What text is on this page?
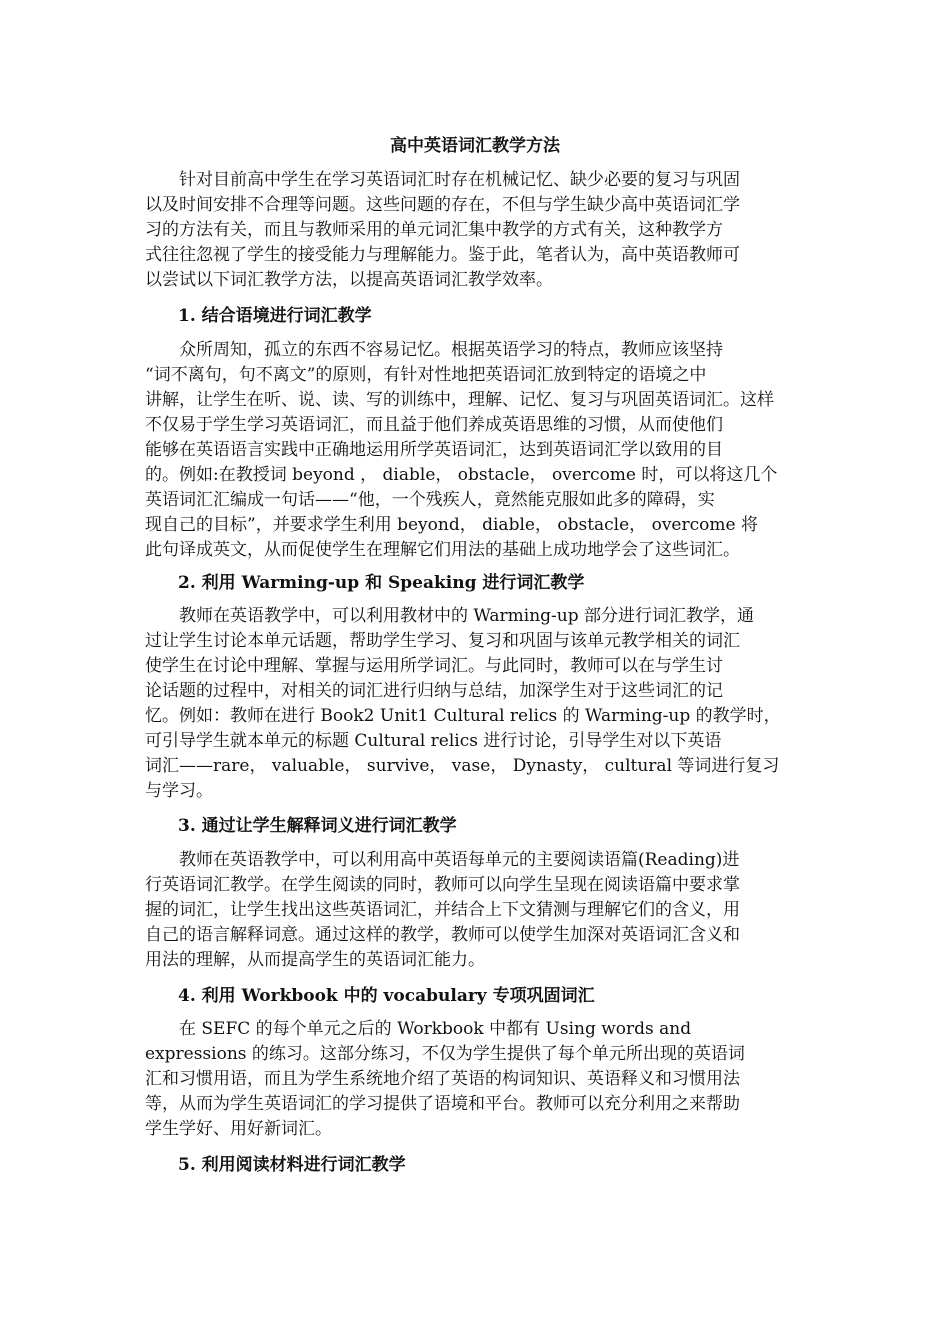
高中英语词汇教学方法
　　针对目前高中学生在学习英语词汇时存在机械记忆、缺少必要的复习与巩固
以及时间安排不合理等问题。这些问题的存在，不但与学生缺少高中英语词汇学
习的方法有关，而且与教师采用的单元词汇集中教学的方式有关，这种教学方
式往往忽视了学生的接受能力与理解能力。鉴于此，笔者认为，高中英语教师可
以尝试以下词汇教学方法，以提高英语词汇教学效率。
1. 结合语境进行词汇教学
　　众所周知，孤立的东西不容易记忆。根据英语学习的特点，教师应该坚持
“词不离句，句不离文”的原则，有针对性地把英语词汇放到特定的语境之中
讲解，让学生在听、说、读、写的训练中，理解、记忆、复习与巩固英语词汇。这样
不仅易于学生学习英语词汇，而且益于他们养成英语思维的习惯，从而使他们
能够在英语语言实践中正确地运用所学英语词汇，达到英语词汇学以致用的目
的。例如:在教授词 beyond ， diable， obstacle， overcome 时，可以将这几个
英语词汇汇编成一句话——“他，一个残疾人，竟然能克服如此多的障碍，实
现自己的目标”，并要求学生利用 beyond， diable， obstacle， overcome 将
此句译成英文，从而促使学生在理解它们用法的基础上成功地学会了这些词汇。
2. 利用 Warming-up 和 Speaking 进行词汇教学
　　教师在英语教学中，可以利用教材中的 Warming-up 部分进行词汇教学，通
过让学生讨论本单元话题，帮助学生学习、复习和巩固与该单元教学相关的词汇
使学生在讨论中理解、掌握与运用所学词汇。与此同时，教师可以在与学生讨
论话题的过程中，对相关的词汇进行归纳与总结，加深学生对于这些词汇的记
忆。例如：教师在进行 Book2 Unit1 Cultural relics 的 Warming-up 的教学时，
可引导学生就本单元的标题 Cultural relics 进行讨论，引导学生对以下英语
词汇——rare， valuable， survive， vase， Dynasty， cultural 等词进行复习
与学习。
3. 通过让学生解释词义进行词汇教学
　　教师在英语教学中，可以利用高中英语每单元的主要阅读语篇(Reading)进
行英语词汇教学。在学生阅读的同时，教师可以向学生呈现在阅读语篇中要求掌
握的词汇，让学生找出这些英语词汇，并结合上下文猜测与理解它们的含义，用
自己的语言解释词意。通过这样的教学，教师可以使学生加深对英语词汇含义和
用法的理解，从而提高学生的英语词汇能力。
4. 利用 Workbook 中的 vocabulary 专项巩固词汇
　　在 SEFC 的每个单元之后的 Workbook 中都有 Using words and
expressions 的练习。这部分练习，不仅为学生提供了每个单元所出现的英语词
汇和习惯用语，而且为学生系统地介绍了英语的构词知识、英语释义和习惯用法
等，从而为学生英语词汇的学习提供了语境和平台。教师可以充分利用之来帮助
学生学好、用好新词汇。
5. 利用阅读材料进行词汇教学
